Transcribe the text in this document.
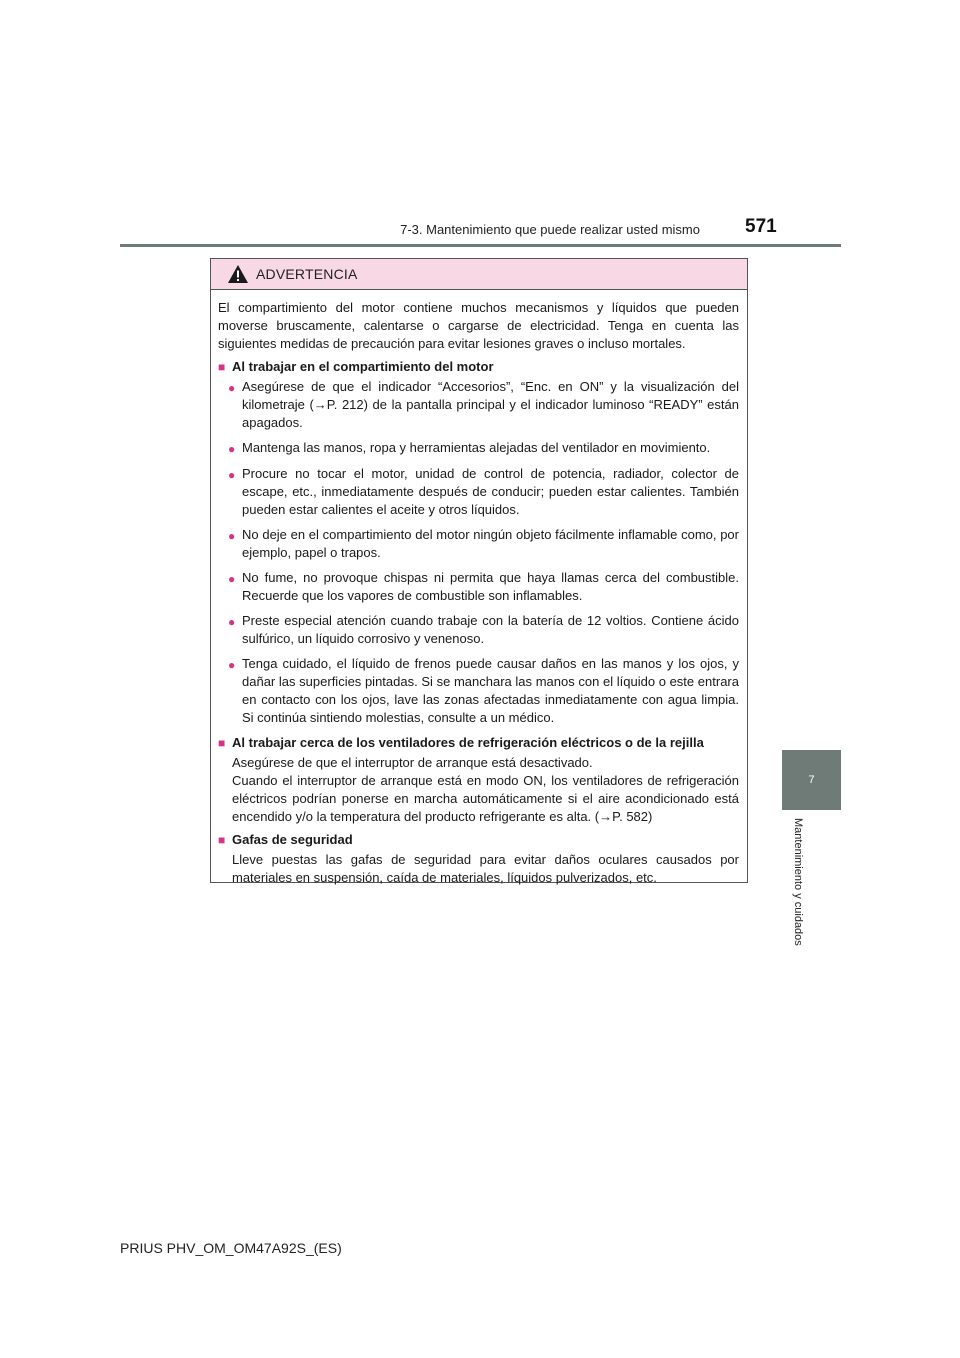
7-3. Mantenimiento que puede realizar usted mismo 571
7
Mantenimiento y cuidados
ADVERTENCIA

El compartimiento del motor contiene muchos mecanismos y líquidos que pueden moverse bruscamente, calentarse o cargarse de electricidad. Tenga en cuenta las siguientes medidas de precaución para evitar lesiones graves o incluso mortales.

■ Al trabajar en el compartimiento del motor
● Asegúrese de que el indicador “Accesorios”, “Enc. en ON” y la visualización del kilometraje (→P. 212) de la pantalla principal y el indicador luminoso “READY” están apagados.
● Mantenga las manos, ropa y herramientas alejadas del ventilador en movimiento.
● Procure no tocar el motor, unidad de control de potencia, radiador, colector de escape, etc., inmediatamente después de conducir; pueden estar calientes. También pueden estar calientes el aceite y otros líquidos.
● No deje en el compartimiento del motor ningún objeto fácilmente inflamable como, por ejemplo, papel o trapos.
● No fume, no provoque chispas ni permita que haya llamas cerca del combustible. Recuerde que los vapores de combustible son inflamables.
● Preste especial atención cuando trabaje con la batería de 12 voltios. Contiene ácido sulfúrico, un líquido corrosivo y venenoso.
● Tenga cuidado, el líquido de frenos puede causar daños en las manos y los ojos, y dañar las superficies pintadas. Si se manchara las manos con el líquido o este entrara en contacto con los ojos, lave las zonas afectadas inmediatamente con agua limpia. Si continúa sintiendo molestias, consulte a un médico.
■ Al trabajar cerca de los ventiladores de refrigeración eléctricos o de la rejilla
Asegúrese de que el interruptor de arranque está desactivado.
Cuando el interruptor de arranque está en modo ON, los ventiladores de refrigeración eléctricos podrían ponerse en marcha automáticamente si el aire acondicionado está encendido y/o la temperatura del producto refrigerante es alta. (→P. 582)
■ Gafas de seguridad
Lleve puestas las gafas de seguridad para evitar daños oculares causados por materiales en suspensión, caída de materiales, líquidos pulverizados, etc.
PRIUS PHV_OM_OM47A92S_(ES)
